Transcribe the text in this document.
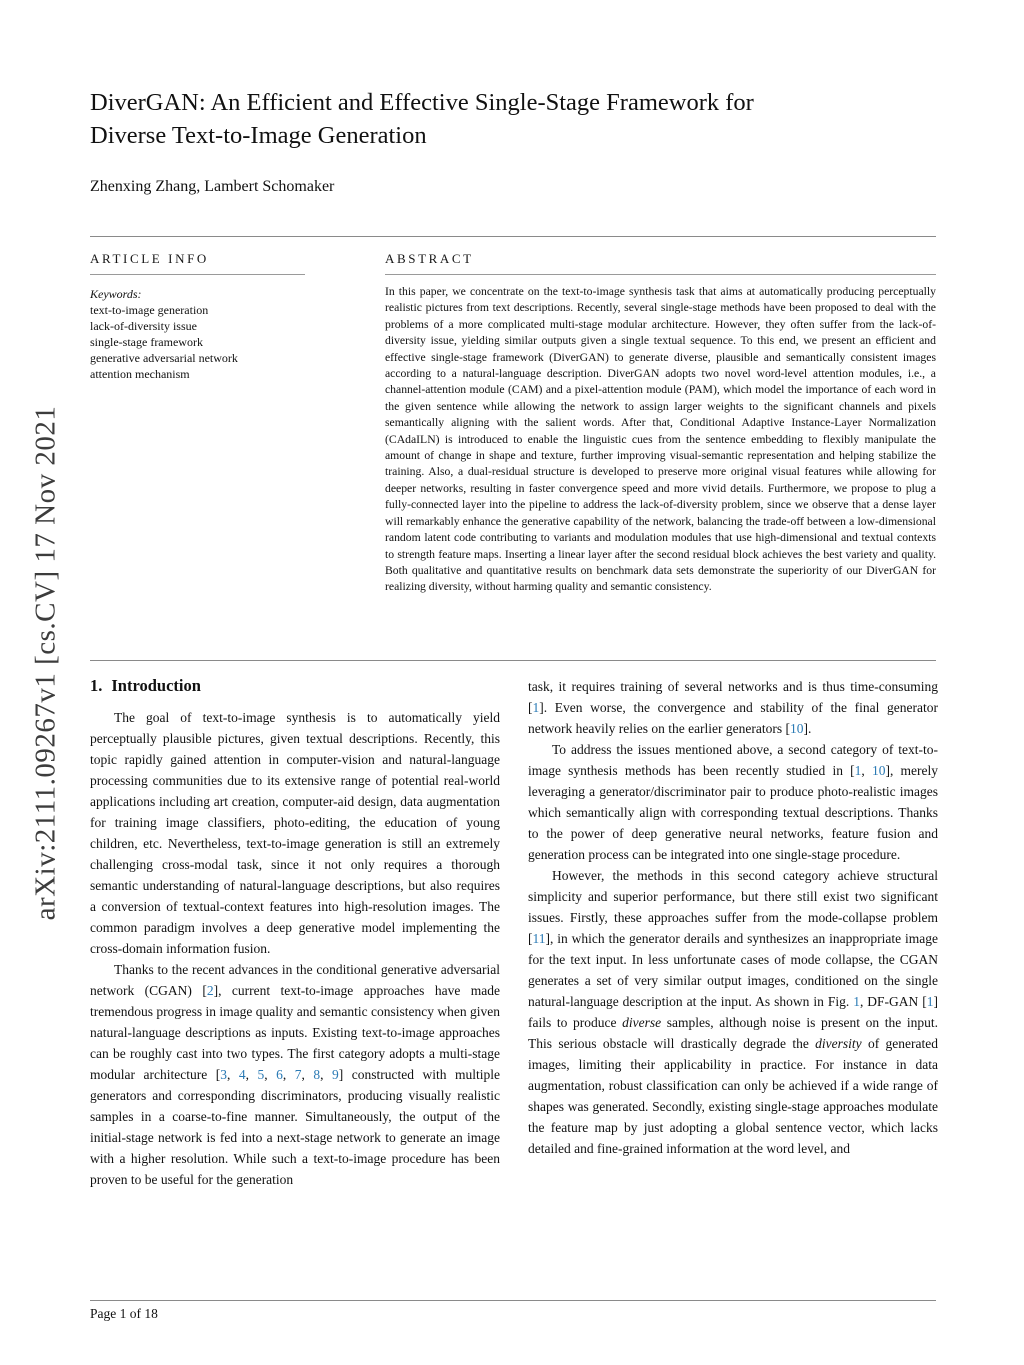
arXiv:2111.09267v1 [cs.CV] 17 Nov 2021
DiverGAN: An Efficient and Effective Single-Stage Framework for
Diverse Text-to-Image Generation
Zhenxing Zhang, Lambert Schomaker
ARTICLE INFO
Keywords:
text-to-image generation
lack-of-diversity issue
single-stage framework
generative adversarial network
attention mechanism
ABSTRACT

In this paper, we concentrate on the text-to-image synthesis task that aims at automatically producing perceptually realistic pictures from text descriptions. Recently, several single-stage methods have been proposed to deal with the problems of a more complicated multi-stage modular architecture. However, they often suffer from the lack-of-diversity issue, yielding similar outputs given a single textual sequence. To this end, we present an efficient and effective single-stage framework (DiverGAN) to generate diverse, plausible and semantically consistent images according to a natural-language description. DiverGAN adopts two novel word-level attention modules, i.e., a channel-attention module (CAM) and a pixel-attention module (PAM), which model the importance of each word in the given sentence while allowing the network to assign larger weights to the significant channels and pixels semantically aligning with the salient words. After that, Conditional Adaptive Instance-Layer Normalization (CAdaILN) is introduced to enable the linguistic cues from the sentence embedding to flexibly manipulate the amount of change in shape and texture, further improving visual-semantic representation and helping stabilize the training. Also, a dual-residual structure is developed to preserve more original visual features while allowing for deeper networks, resulting in faster convergence speed and more vivid details. Furthermore, we propose to plug a fully-connected layer into the pipeline to address the lack-of-diversity problem, since we observe that a dense layer will remarkably enhance the generative capability of the network, balancing the trade-off between a low-dimensional random latent code contributing to variants and modulation modules that use high-dimensional and textual contexts to strength feature maps. Inserting a linear layer after the second residual block achieves the best variety and quality. Both qualitative and quantitative results on benchmark data sets demonstrate the superiority of our DiverGAN for realizing diversity, without harming quality and semantic consistency.

1. Introduction

The goal of text-to-image synthesis is to automatically yield perceptually plausible pictures, given textual descriptions. Recently, this topic rapidly gained attention in computer-vision and natural-language processing communities due to its extensive range of potential real-world applications including art creation, computer-aid design, data augmentation for training image classifiers, photo-editing, the education of young children, etc. Nevertheless, text-to-image generation is still an extremely challenging cross-modal task, since it not only requires a thorough semantic understanding of natural-language descriptions, but also requires a conversion of textual-context features into high-resolution images. The common paradigm involves a deep generative model implementing the cross-domain information fusion.

Thanks to the recent advances in the conditional generative adversarial network (CGAN) [2], current text-to-image approaches have made tremendous progress in image quality and semantic consistency when given natural-language descriptions as inputs. Existing text-to-image approaches can be roughly cast into two types. The first category adopts a multi-stage modular architecture [3, 4, 5, 6, 7, 8, 9] constructed with multiple generators and corresponding discriminators, producing visually realistic samples in a coarse-to-fine manner. Simultaneously, the output of the initial-stage network is fed into a next-stage network to generate an image with a higher resolution. While such a text-to-image procedure has been proven to be useful for the generation

task, it requires training of several networks and is thus time-consuming [1]. Even worse, the convergence and stability of the final generator network heavily relies on the earlier generators [10].

To address the issues mentioned above, a second category of text-to-image synthesis methods has been recently studied in [1, 10], merely leveraging a generator/discriminator pair to produce photo-realistic images which semantically align with corresponding textual descriptions. Thanks to the power of deep generative neural networks, feature fusion and generation process can be integrated into one single-stage procedure.

However, the methods in this second category achieve structural simplicity and superior performance, but there still exist two significant issues. Firstly, these approaches suffer from the mode-collapse problem [11], in which the generator derails and synthesizes an inappropriate image for the text input. In less unfortunate cases of mode collapse, the CGAN generates a set of very similar output images, conditioned on the single natural-language description at the input. As shown in Fig. 1, DF-GAN [1] fails to produce diverse samples, although noise is present on the input. This serious obstacle will drastically degrade the diversity of generated images, limiting their applicability in practice. For instance in data augmentation, robust classification can only be achieved if a wide range of shapes was generated. Secondly, existing single-stage approaches modulate the feature map by just adopting a global sentence vector, which lacks detailed and fine-grained information at the word level, and

Page 1 of 18
